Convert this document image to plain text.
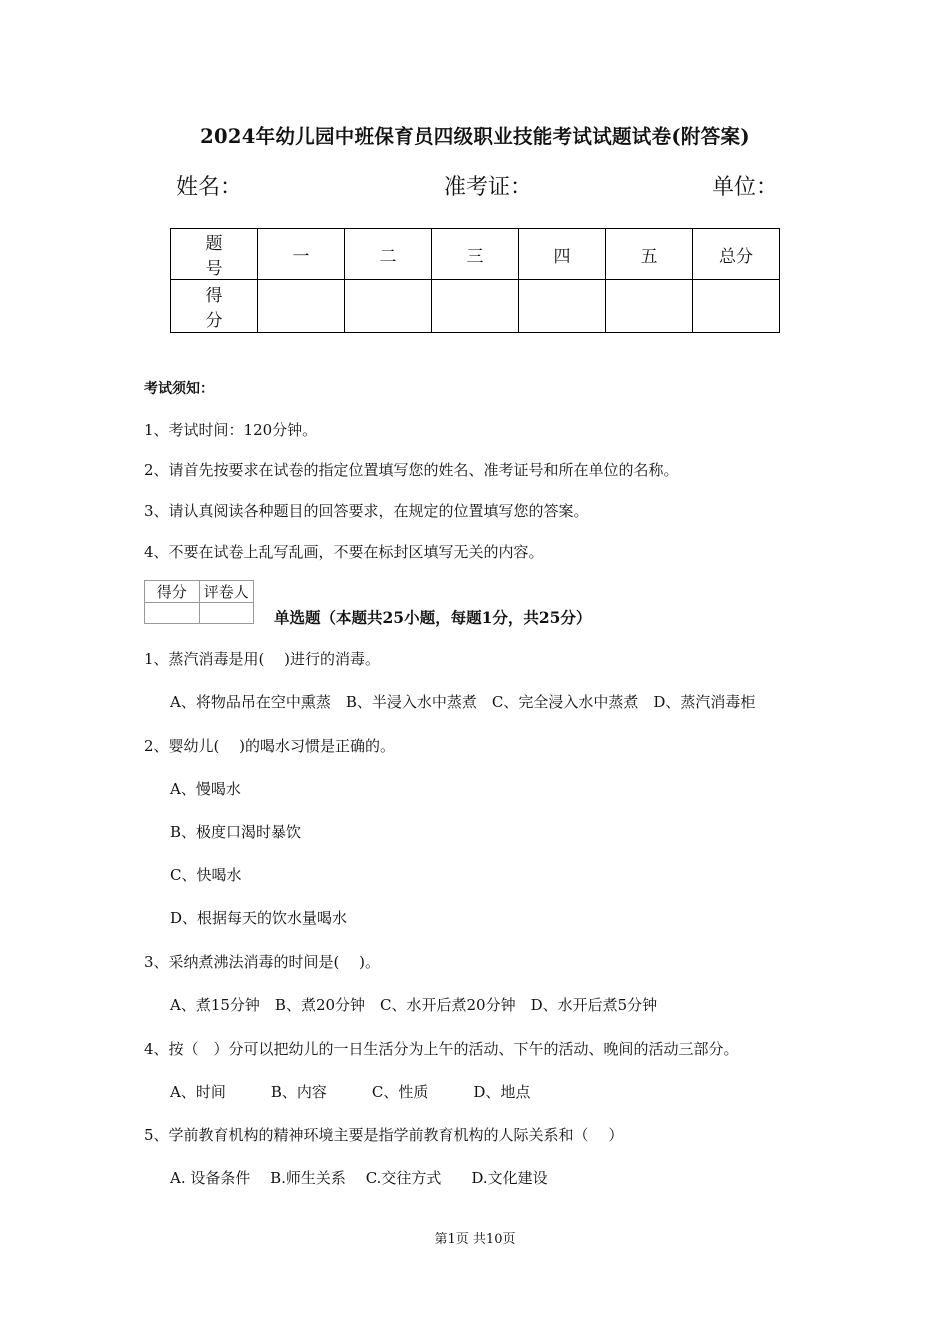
2024年幼儿园中班保育员四级职业技能考试试题试卷(附答案)
姓名：	准考证：	单位：
题　号	一	二	三	四	五	总分
得　分						
考试须知：
1、考试时间：120分钟。
2、请首先按要求在试卷的指定位置填写您的姓名、准考证号和所在单位的名称。
3、请认真阅读各种题目的回答要求，在规定的位置填写您的答案。
4、不要在试卷上乱写乱画，不要在标封区填写无关的内容。
得分	评卷人

单选题（本题共25小题，每题1分，共25分）
1、蒸汽消毒是用(　 )进行的消毒。
A、将物品吊在空中熏蒸　B、半浸入水中蒸煮　C、完全浸入水中蒸煮　D、蒸汽消毒柜
2、婴幼儿(　 )的喝水习惯是正确的。
A、慢喝水
B、极度口渴时暴饮
C、快喝水
D、根据每天的饮水量喝水
3、采纳煮沸法消毒的时间是(　 )。
A、煮15分钟　B、煮20分钟　C、水开后煮20分钟　D、水开后煮5分钟
4、按（　）分可以把幼儿的一日生活分为上午的活动、下午的活动、晚间的活动三部分。
A、时间　　　B、内容　　　C、性质　　　D、地点
5、学前教育机构的精神环境主要是指学前教育机构的人际关系和（　 ）
A. 设备条件　 B.师生关系　 C.交往方式　　D.文化建设
第1页 共10页
